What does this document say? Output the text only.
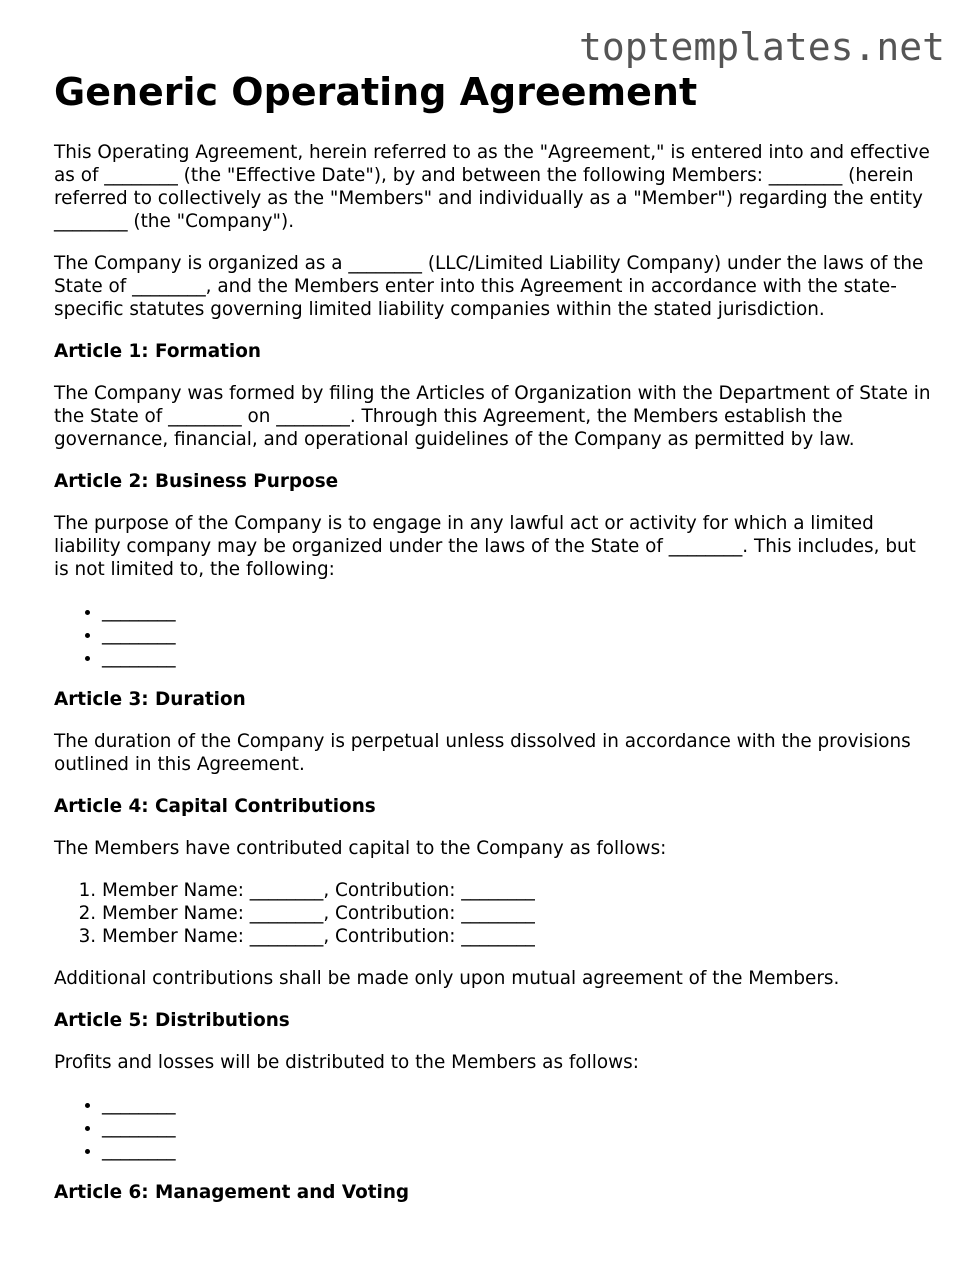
toptemplates.net
Generic Operating Agreement

This Operating Agreement, herein referred to as the "Agreement," is entered into and effective as of ________ (the "Effective Date"), by and between the following Members: ________ (herein referred to collectively as the "Members" and individually as a "Member") regarding the entity ________ (the "Company").

The Company is organized as a ________ (LLC/Limited Liability Company) under the laws of the State of ________, and the Members enter into this Agreement in accordance with the state-specific statutes governing limited liability companies within the stated jurisdiction.

Article 1: Formation

The Company was formed by filing the Articles of Organization with the Department of State in the State of ________ on ________. Through this Agreement, the Members establish the governance, financial, and operational guidelines of the Company as permitted by law.

Article 2: Business Purpose

The purpose of the Company is to engage in any lawful act or activity for which a limited liability company may be organized under the laws of the State of ________. This includes, but is not limited to, the following:

• ________
• ________
• ________
Article 3: Duration

The duration of the Company is perpetual unless dissolved in accordance with the provisions outlined in this Agreement.

Article 4: Capital Contributions

The Members have contributed capital to the Company as follows:

1. Member Name: ________, Contribution: ________
2. Member Name: ________, Contribution: ________
3. Member Name: ________, Contribution: ________

Additional contributions shall be made only upon mutual agreement of the Members.

Article 5: Distributions

Profits and losses will be distributed to the Members as follows:

• ________
• ________
• ________
Article 6: Management and Voting
